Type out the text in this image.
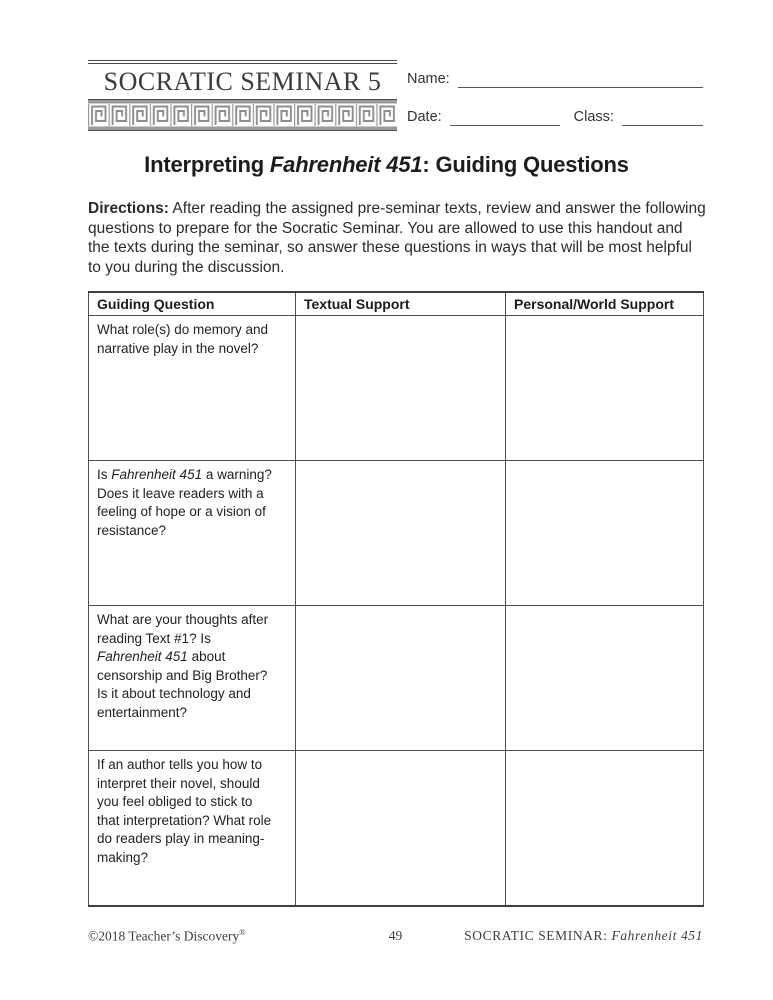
SOCRATIC SEMINAR 5	Name:
Date:	Class:
Interpreting Fahrenheit 451: Guiding Questions

Directions: After reading the assigned pre-seminar texts, review and answer the following questions to prepare for the Socratic Seminar. You are allowed to use this handout and the texts during the seminar, so answer these questions in ways that will be most helpful to you during the discussion.

Guiding Question	Textual Support	Personal/World Support
What role(s) do memory and narrative play in the novel?		
Is Fahrenheit 451 a warning? Does it leave readers with a feeling of hope or a vision of resistance?		
What are your thoughts after reading Text #1? Is Fahrenheit 451 about censorship and Big Brother? Is it about technology and entertainment?		
If an author tells you how to interpret their novel, should you feel obliged to stick to that interpretation? What role do readers play in meaning-making?		
©2018 Teacher’s Discovery®	49	SOCRATIC SEMINAR: Fahrenheit 451
